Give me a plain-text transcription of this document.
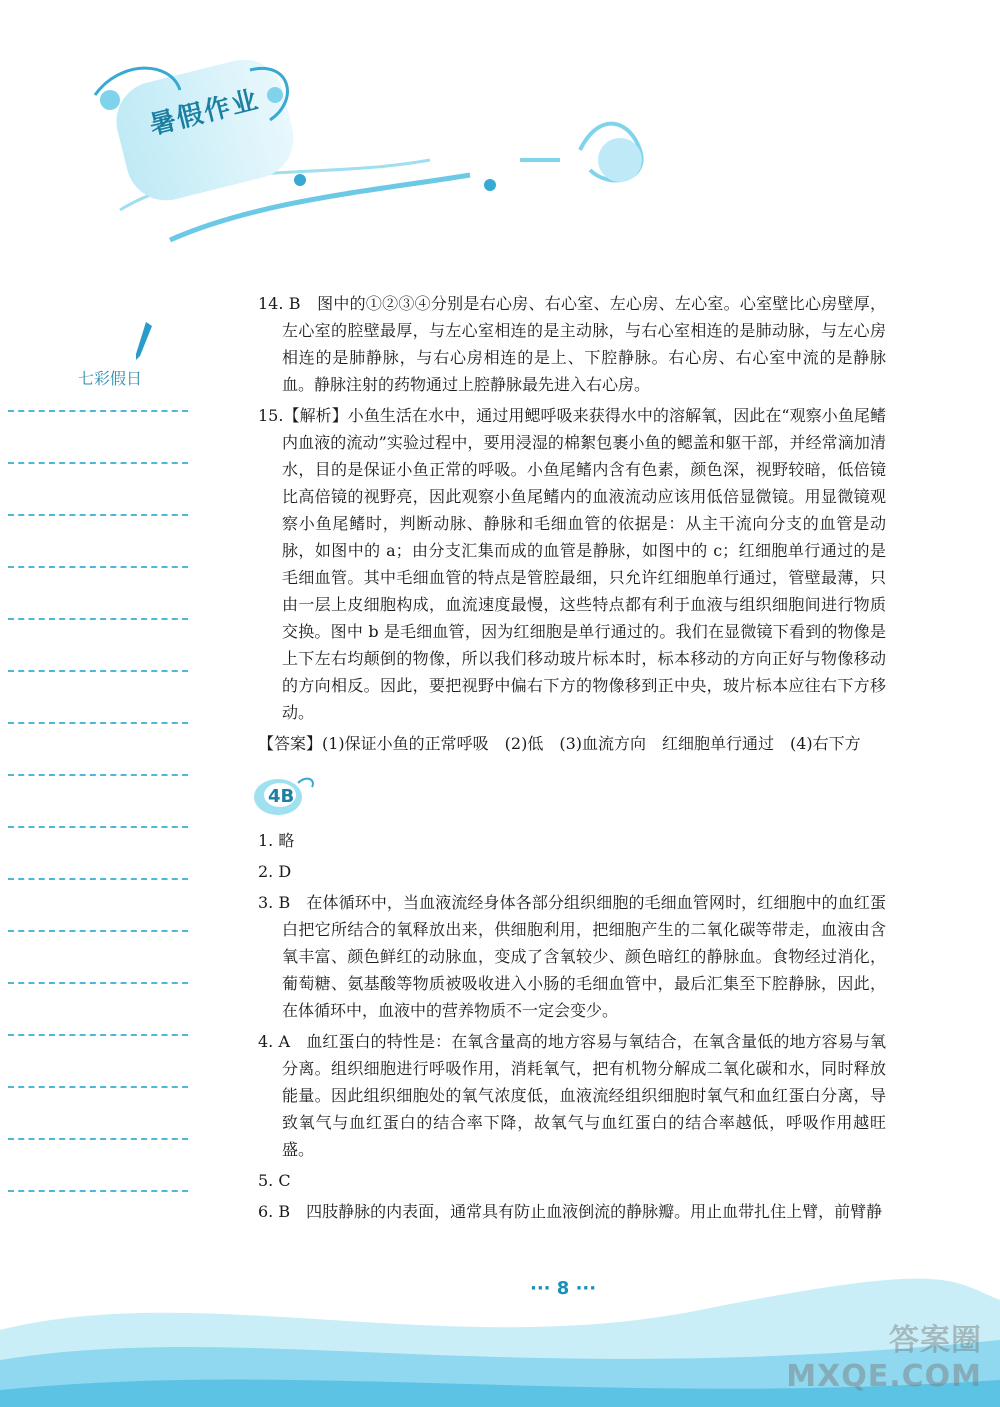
暑假作业
七彩假日

14. B　图中的①②③④分别是右心房、右心室、左心房、左心室。心室壁比心房壁厚，左心室的腔壁最厚，与左心室相连的是主动脉，与右心室相连的是肺动脉，与左心房相连的是肺静脉，与右心房相连的是上、下腔静脉。右心房、右心室中流的是静脉血。静脉注射的药物通过上腔静脉最先进入右心房。

15.【解析】小鱼生活在水中，通过用鳃呼吸来获得水中的溶解氧，因此在“观察小鱼尾鳍内血液的流动”实验过程中，要用浸湿的棉絮包裹小鱼的鳃盖和躯干部，并经常滴加清水，目的是保证小鱼正常的呼吸。小鱼尾鳍内含有色素，颜色深，视野较暗，低倍镜比高倍镜的视野亮，因此观察小鱼尾鳍内的血液流动应该用低倍显微镜。用显微镜观察小鱼尾鳍时，判断动脉、静脉和毛细血管的依据是：从主干流向分支的血管是动脉，如图中的 a；由分支汇集而成的血管是静脉，如图中的 c；红细胞单行通过的是毛细血管。其中毛细血管的特点是管腔最细，只允许红细胞单行通过，管壁最薄，只由一层上皮细胞构成，血流速度最慢，这些特点都有利于血液与组织细胞间进行物质交换。图中 b 是毛细血管，因为红细胞是单行通过的。我们在显微镜下看到的物像是上下左右均颠倒的物像，所以我们移动玻片标本时，标本移动的方向正好与物像移动的方向相反。因此，要把视野中偏右下方的物像移到正中央，玻片标本应往右下方移动。

【答案】(1)保证小鱼的正常呼吸　(2)低　(3)血流方向　红细胞单行通过　(4)右下方

4B

1. 略

2. D

3. B　在体循环中，当血液流经身体各部分组织细胞的毛细血管网时，红细胞中的血红蛋白把它所结合的氧释放出来，供细胞利用，把细胞产生的二氧化碳等带走，血液由含氧丰富、颜色鲜红的动脉血，变成了含氧较少、颜色暗红的静脉血。食物经过消化，葡萄糖、氨基酸等物质被吸收进入小肠的毛细血管中，最后汇集至下腔静脉，因此，在体循环中，血液中的营养物质不一定会变少。

4. A　血红蛋白的特性是：在氧含量高的地方容易与氧结合，在氧含量低的地方容易与氧分离。组织细胞进行呼吸作用，消耗氧气，把有机物分解成二氧化碳和水，同时释放能量。因此组织细胞处的氧气浓度低，血液流经组织细胞时氧气和血红蛋白分离，导致氧气与血红蛋白的结合率下降，故氧气与血红蛋白的结合率越低，呼吸作用越旺盛。

5. C

6. B　四肢静脉的内表面，通常具有防止血液倒流的静脉瓣。用止血带扎住上臂，前臂静

··· 8 ···
答案圈
MXQE.COM
